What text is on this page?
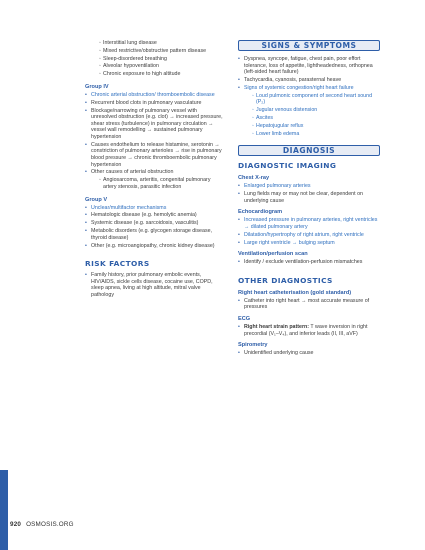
◦ Interstitial lung disease
◦ Mixed restrictive/obstructive pattern disease
◦ Sleep-disordered breathing
◦ Alveolar hypoventilation
◦ Chronic exposure to high altitude
Group IV
• Chronic arterial obstruction/ thromboembolic disease
• Recurrent blood clots in pulmonary vasculature
• Blockage/narrowing of pulmonary vessel with unresolved obstruction (e.g. clot) → increased pressure, shear stress (turbulence) in pulmonary circulation → vessel wall remodelling → sustained pulmonary hypertension
• Causes endothelium to release histamine, serotonin → constriction of pulmonary arterioles → rise in pulmonary blood pressure → chronic thromboembolic pulmonary hypertension
• Other causes of arterial obstruction
◦ Angiosarcoma, arteritis, congenital pulmonary artery stenosis, parasitic infection
Group V
• Unclear/multifactor mechanisms
• Hematologic disease (e.g. hemolytic anemia)
• Systemic disease (e.g. sarcoidosis, vasculitis)
• Metabolic disorders (e.g. glycogen storage disease, thyroid disease)
• Other (e.g. microangiopathy, chronic kidney disease)
RISK FACTORS
• Family history, prior pulmonary embolic events, HIV/AIDS, sickle cells disease, cocaine use, COPD, sleep apnea, living at high altitude, mitral valve pathology
SIGNS & SYMPTOMS
• Dyspnea, syncope, fatigue, chest pain, poor effort tolerance, loss of appetite, lightheadedness, orthopnea (left-sided heart failure)
• Tachycardia, cyanosis, parasternal heave
• Signs of systemic congestion/right heart failure
◦ Loud pulmonic component of second heart sound (P₂)
◦ Jugular venous distension
◦ Ascites
◦ Hepatojugular reflux
◦ Lower limb edema
DIAGNOSIS
DIAGNOSTIC IMAGING
Chest X-ray
• Enlarged pulmonary arteries
• Lung fields may or may not be clear, dependent on underlying cause
Echocardiogram
• Increased pressure in pulmonary arteries, right ventricles → dilated pulmonary artery
• Dilatation/hypertrophy of right atrium, right ventricle
• Large right ventricle → bulging septum
Ventilation/perfusion scan
• Identify / exclude ventilation-perfusion mismatches
OTHER DIAGNOSTICS
Right heart catheterisation (gold standard)
• Catheter into right heart → most accurate measure of pressures
ECG
• Right heart strain pattern: T wave inversion in right precordial (V₁–V₄), and inferior leads (II, III, aVF)
Spirometry
• Unidentified underlying cause
920 OSMOSIS.ORG
